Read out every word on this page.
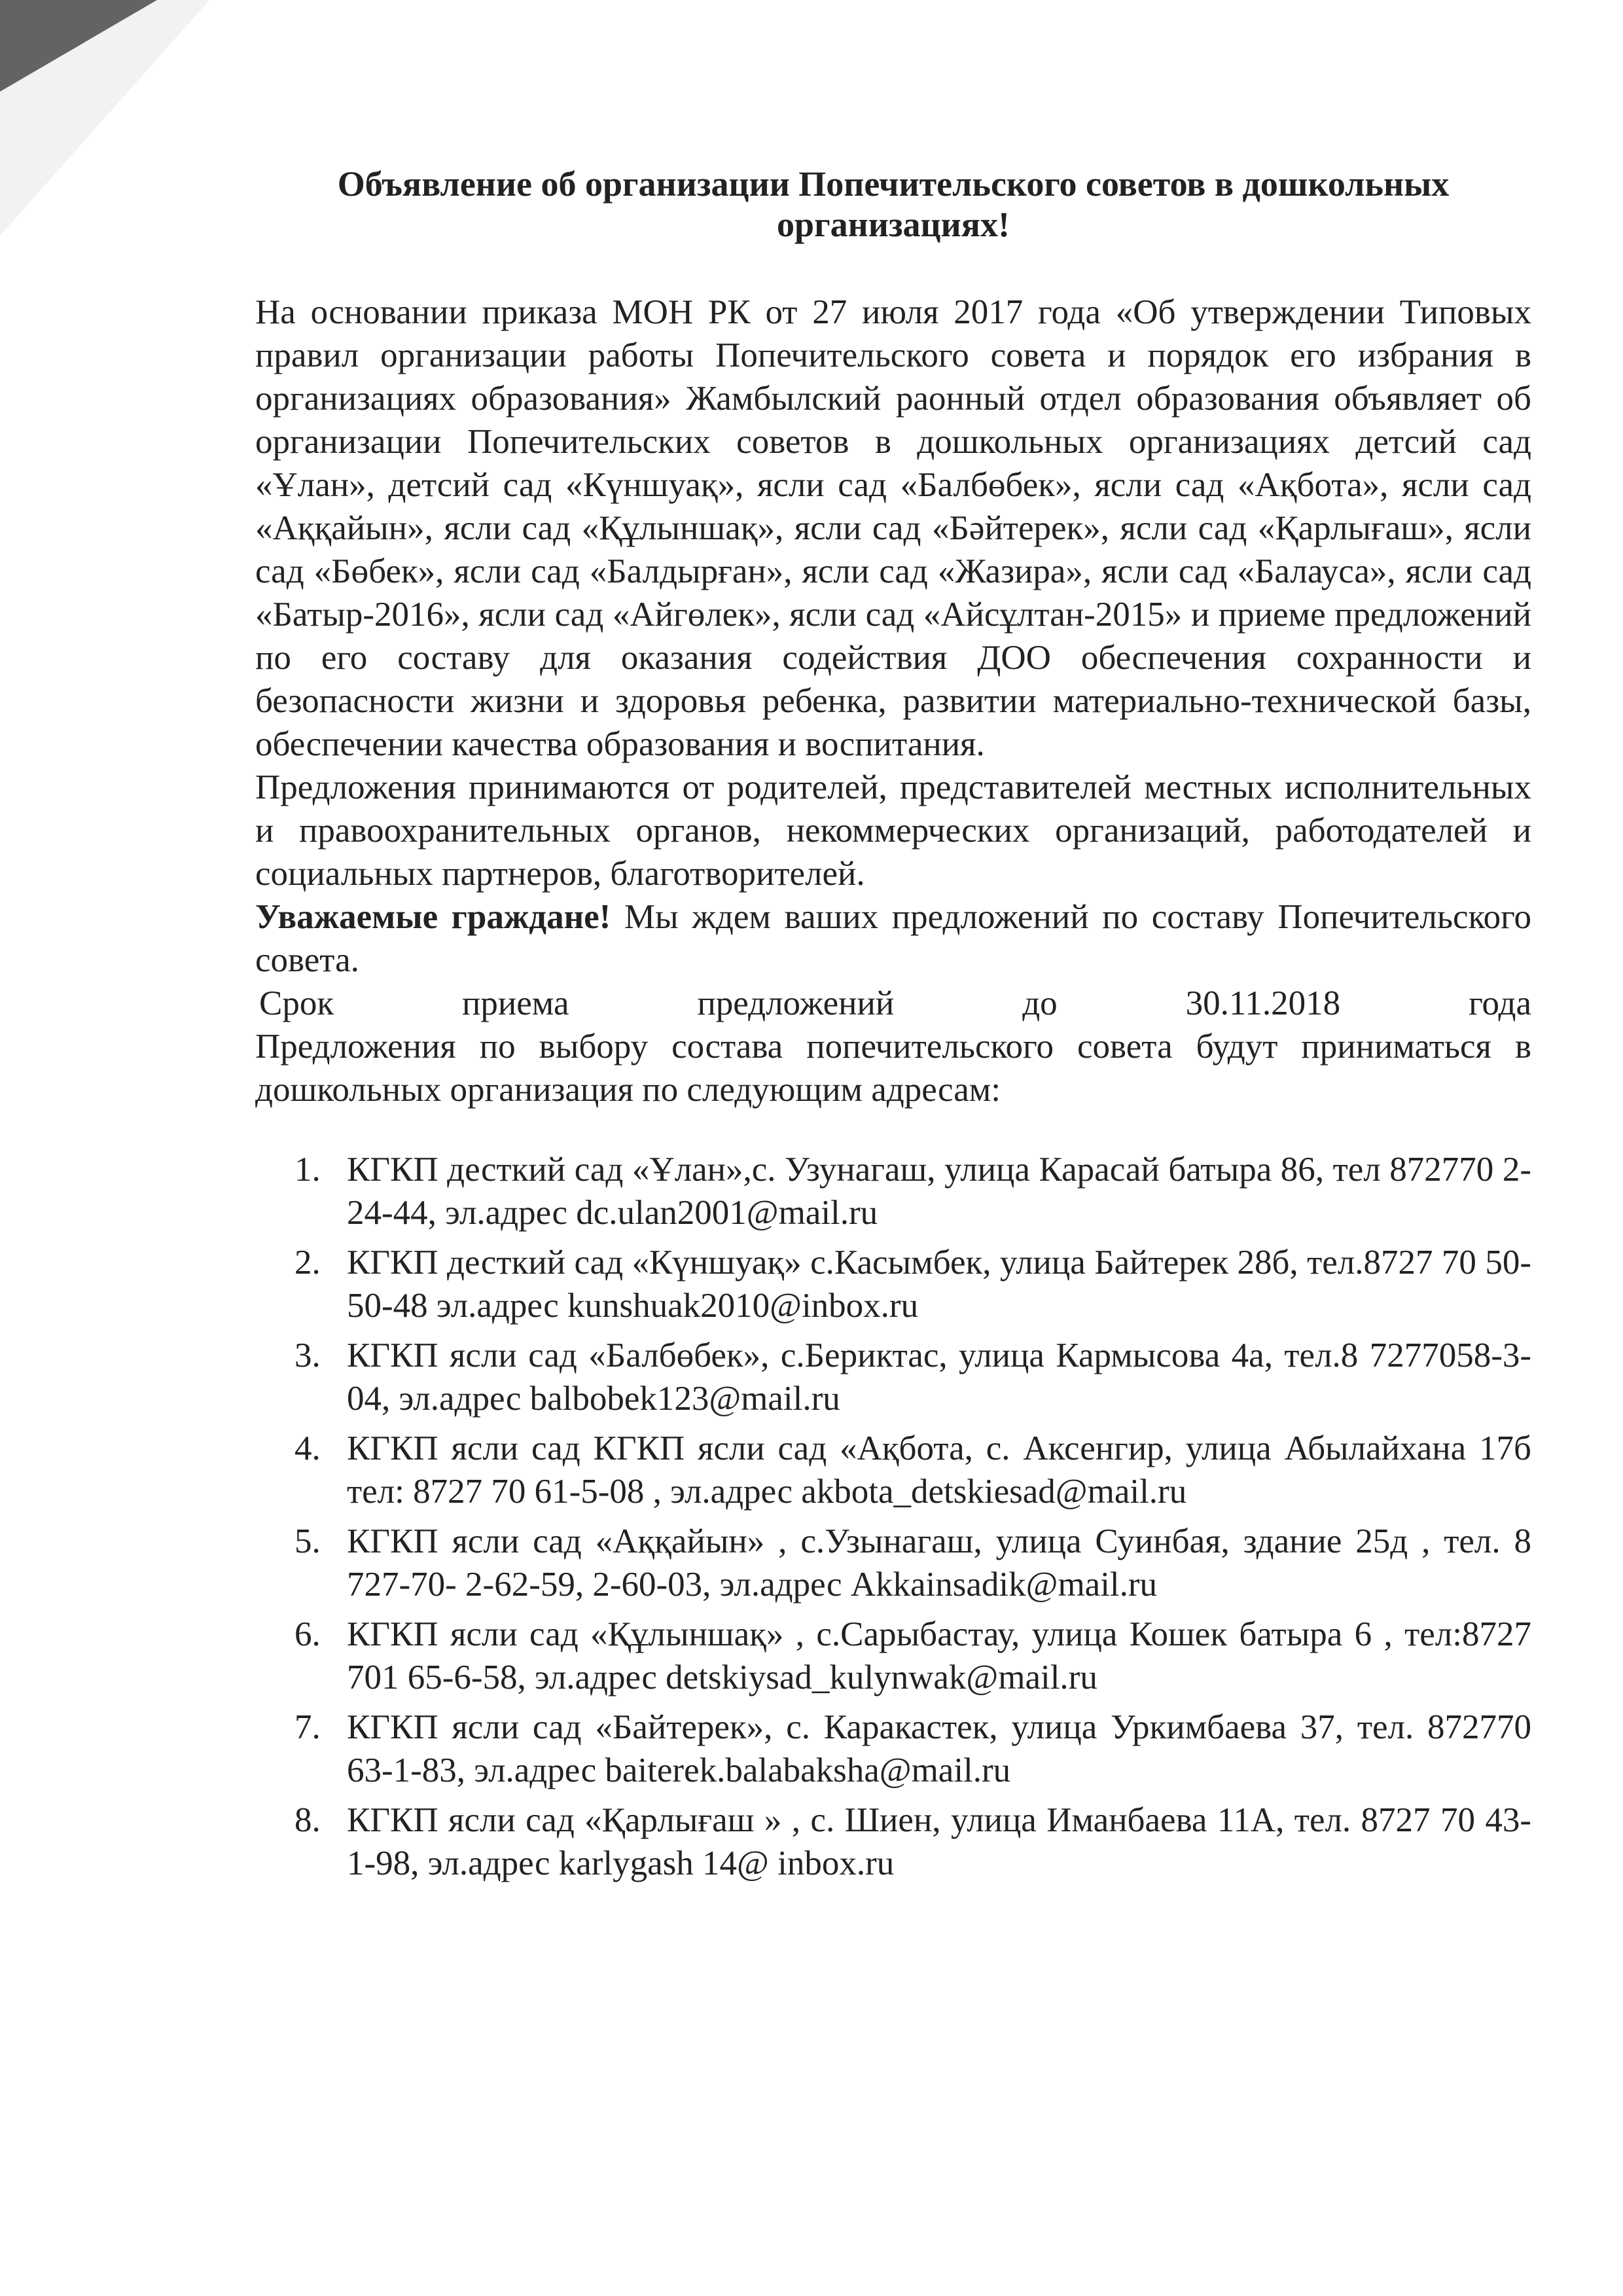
Объявление об организации Попечительского советов в дошкольных организациях!

На основании приказа МОН РК от 27 июля 2017 года «Об утверждении Типовых правил организации работы Попечительского совета и порядок его избрания в организациях образования» Жамбылский раонный отдел образования объявляет об организации Попечительских советов в дошкольных организациях детсий сад «Ұлан», детсий сад «Күншуақ», ясли сад «Балбөбек», ясли сад «Ақбота», ясли сад «Аққайын», ясли сад «Құлыншақ», ясли сад «Бәйтерек», ясли сад «Қарлығаш», ясли сад «Бөбек», ясли сад «Балдырған», ясли сад «Жазира», ясли сад «Балауса», ясли сад «Батыр-2016», ясли сад «Айгөлек», ясли сад «Айсұлтан-2015» и приеме предложений по его составу для оказания содействия ДОО обеспечения сохранности и безопасности жизни и здоровья ребенка, развитии материально-технической базы, обеспечении качества образования и воспитания.

Предложения принимаются от родителей, представителей местных исполнительных и правоохранительных органов, некоммерческих организаций, работодателей и социальных партнеров, благотворителей.

Уважаемые граждане! Мы ждем ваших предложений по составу Попечительского совета.

Срок	приема	предложений	до	30.11.2018	года

Предложения по выбору состава попечительского совета будут приниматься в дошкольных организация по следующим адресам:

1. КГКП десткий сад «Ұлан»,с. Узунагаш, улица Карасай батыра 86, тел 872770 2-24-44, эл.адрес dc.ulan2001@mail.ru
2. КГКП десткий сад «Күншуақ» с.Касымбек, улица Байтерек 28б, тел.8727 70 50-50-48 эл.адрес kunshuak2010@inbox.ru
3. КГКП ясли сад «Балбөбек», с.Бериктас, улица Кармысова 4а, тел.8 7277058-3-04, эл.адрес balbobek123@mail.ru
4. КГКП ясли сад КГКП ясли сад «Ақбота, с. Аксенгир, улица Абылайхана 17б тел: 8727 70 61-5-08 , эл.адрес akbota_detskiesad@mail.ru
5. КГКП ясли сад «Аққайын» , с.Узынагаш, улица Суинбая, здание 25д , тел. 8 727-70- 2-62-59, 2-60-03, эл.адрес Akkainsadik@mail.ru
6. КГКП ясли сад «Құлыншақ» , с.Сарыбастау, улица Кошек батыра 6 , тел:8727 701 65-6-58, эл.адрес detskiysad_kulynwak@mail.ru
7. КГКП ясли сад «Байтерек», с. Каракастек, улица Уркимбаева 37, тел. 872770 63-1-83, эл.адрес baiterek.balabaksha@mail.ru
8. КГКП ясли сад «Қарлығаш » , с. Шиен, улица Иманбаева 11А, тел. 8727 70 43-1-98, эл.адрес karlygash 14@ inbox.ru
